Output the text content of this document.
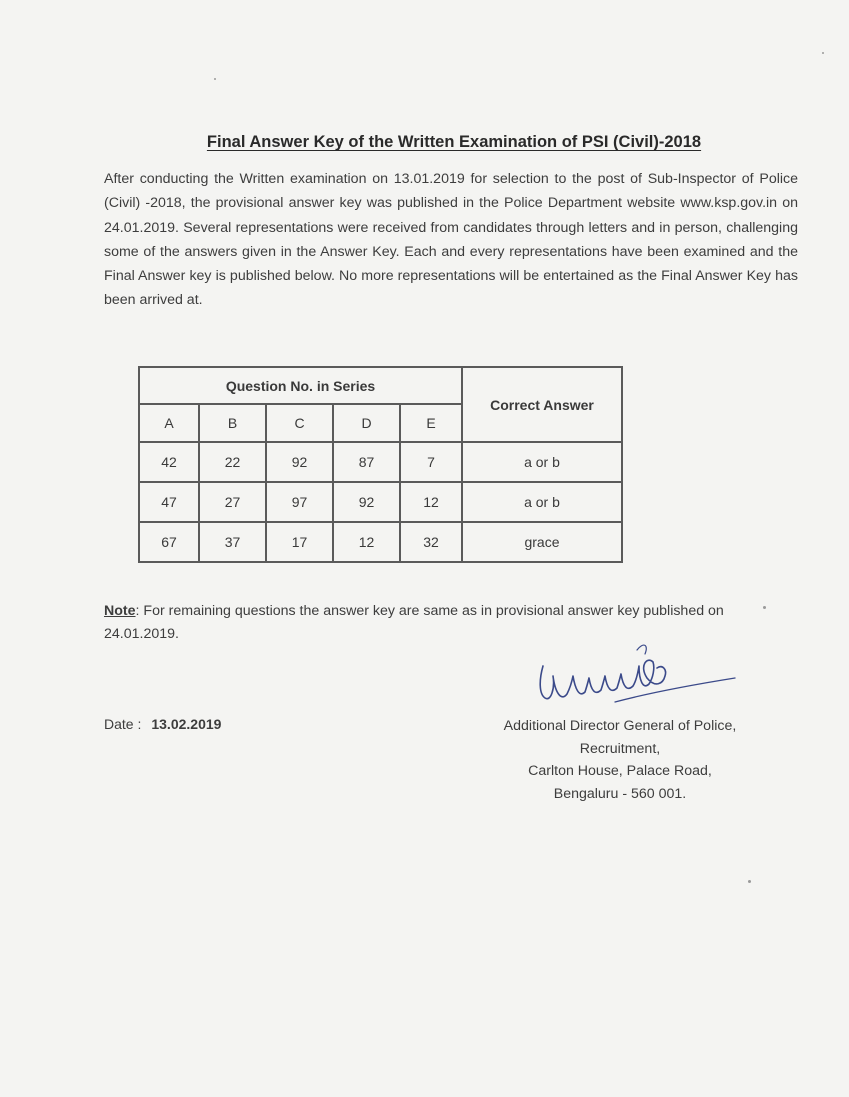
Final Answer Key of the Written Examination of PSI (Civil)-2018

After conducting the Written examination on 13.01.2019 for selection to the post of Sub-Inspector of Police (Civil) -2018, the provisional answer key was published in the Police Department website www.ksp.gov.in on 24.01.2019. Several representations were received from candidates through letters and in person, challenging some of the answers given in the Answer Key. Each and every representations have been examined and the Final Answer key is published below. No more representations will be entertained as the Final Answer Key has been arrived at.

Question No. in Series					Correct Answer
A	B	C	D	E	
42	22	92	87	7	a or b
47	27	97	92	12	a or b
67	37	17	12	32	grace

Note: For remaining questions the answer key are same as in provisional answer key published on 24.01.2019.

Date : 13.02.2019	Additional Director General of Police,
Recruitment,
Carlton House, Palace Road,
Bengaluru - 560 001.
